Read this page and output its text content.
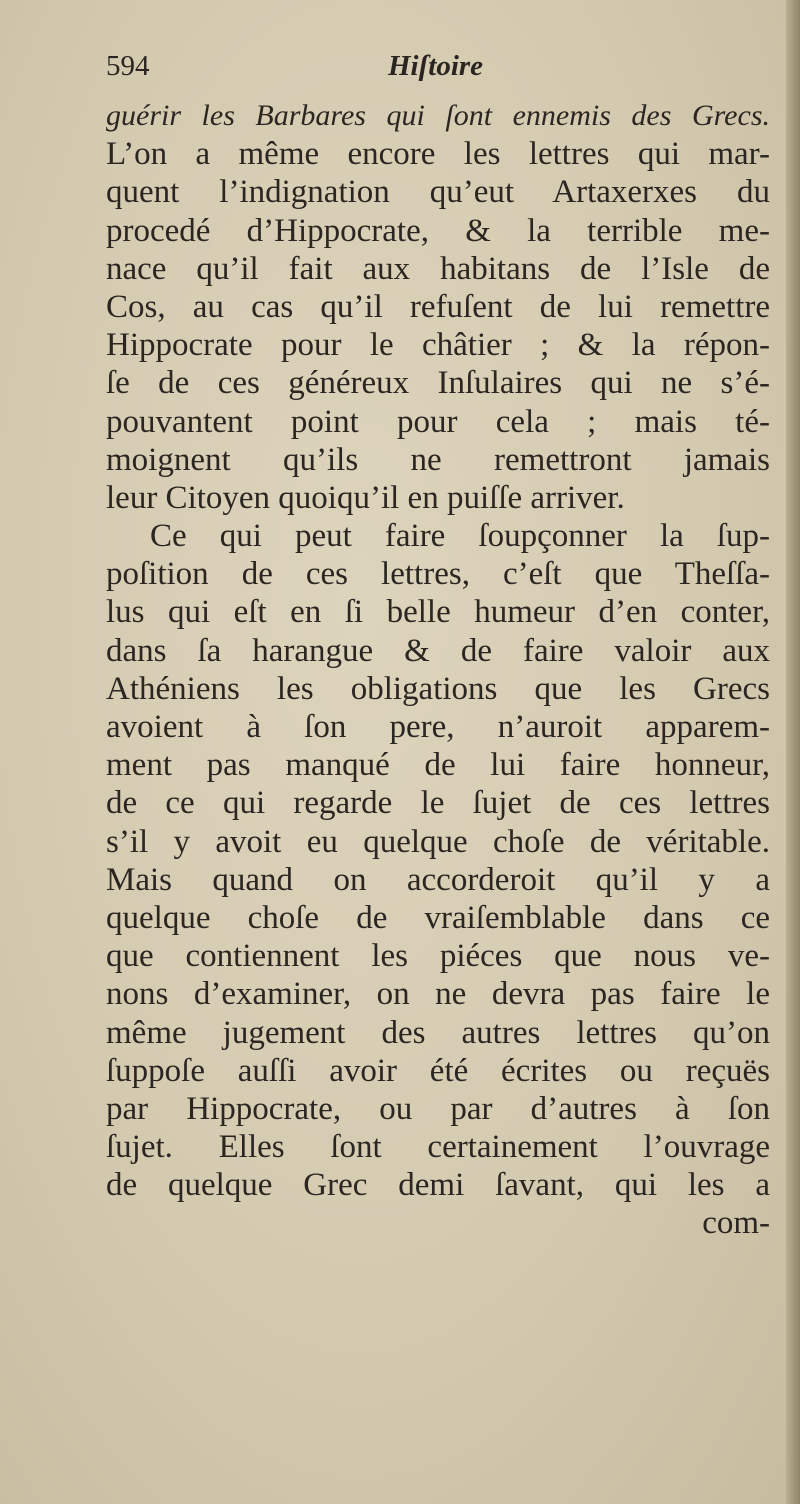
594	Hiſtoire
guérir les Barbares qui ſont ennemis des Grecs.
L’on a même encore les lettres qui mar-
quent l’indignation qu’eut Artaxerxes du
procedé d’Hippocrate, & la terrible me-
nace qu’il fait aux habitans de l’Isle de
Cos, au cas qu’il refuſent de lui remettre
Hippocrate pour le châtier ; & la répon-
ſe de ces généreux Inſulaires qui ne s’é-
pouvantent point pour cela ; mais té-
moignent qu’ils ne remettront jamais
leur Citoyen quoiqu’il en puiſſe arriver.
Ce qui peut faire ſoupçonner la ſup-
poſition de ces lettres, c’eſt que Theſſa-
lus qui eſt en ſi belle humeur d’en conter,
dans ſa harangue & de faire valoir aux
Athéniens les obligations que les Grecs
avoient à ſon pere, n’auroit apparem-
ment pas manqué de lui faire honneur,
de ce qui regarde le ſujet de ces lettres
s’il y avoit eu quelque choſe de véritable.
Mais quand on accorderoit qu’il y a
quelque choſe de vraiſemblable dans ce
que contiennent les piéces que nous ve-
nons d’examiner, on ne devra pas faire le
même jugement des autres lettres qu’on
ſuppoſe auſſi avoir été écrites ou reçuës
par Hippocrate, ou par d’autres à ſon
ſujet. Elles ſont certainement l’ouvrage
de quelque Grec demi ſavant, qui les a
com-
